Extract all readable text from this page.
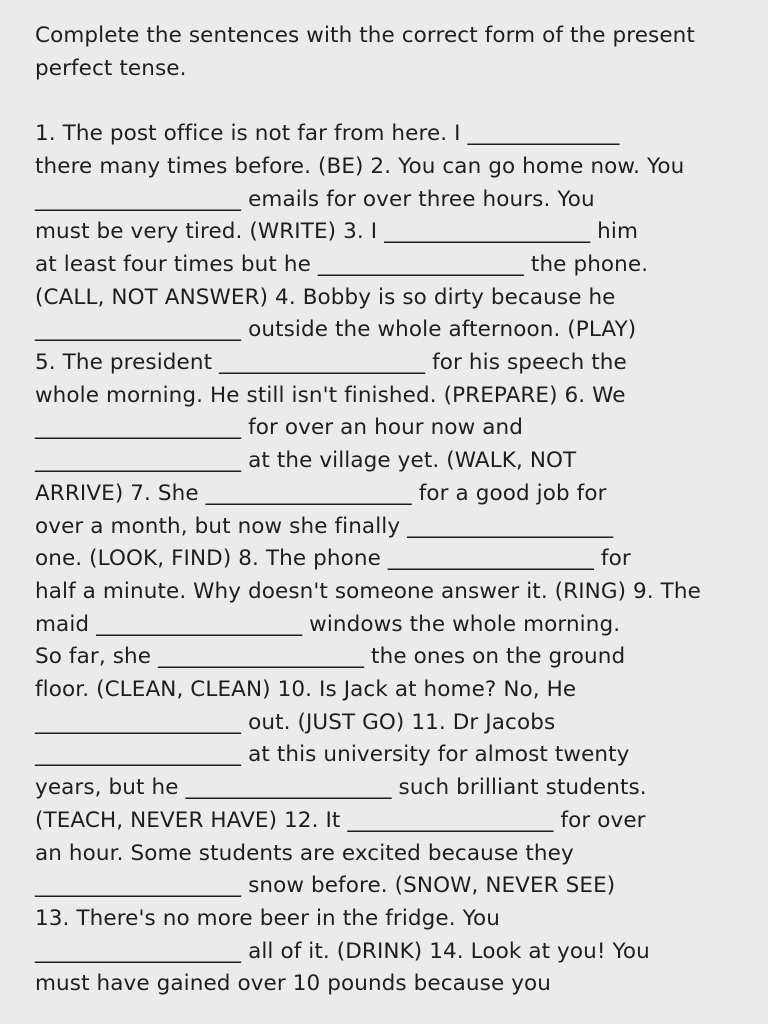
Complete the sentences with the correct form of the present
perfect tense.
1. The post office is not far from here. I ______________
there many times before. (BE) 2. You can go home now. You
___________________ emails for over three hours. You
must be very tired. (WRITE) 3. I ___________________ him
at least four times but he ___________________ the phone.
(CALL, NOT ANSWER) 4. Bobby is so dirty because he
___________________ outside the whole afternoon. (PLAY)
5. The president ___________________ for his speech the
whole morning. He still isn't finished. (PREPARE) 6. We
___________________ for over an hour now and
___________________ at the village yet. (WALK, NOT
ARRIVE) 7. She ___________________ for a good job for
over a month, but now she finally ___________________
one. (LOOK, FIND) 8. The phone ___________________ for
half a minute. Why doesn't someone answer it. (RING) 9. The
maid ___________________ windows the whole morning.
So far, she ___________________ the ones on the ground
floor. (CLEAN, CLEAN) 10. Is Jack at home? No, He
___________________ out. (JUST GO) 11. Dr Jacobs
___________________ at this university for almost twenty
years, but he ___________________ such brilliant students.
(TEACH, NEVER HAVE) 12. It ___________________ for over
an hour. Some students are excited because they
___________________ snow before. (SNOW, NEVER SEE)
13. There's no more beer in the fridge. You
___________________ all of it. (DRINK) 14. Look at you! You
must have gained over 10 pounds because you
